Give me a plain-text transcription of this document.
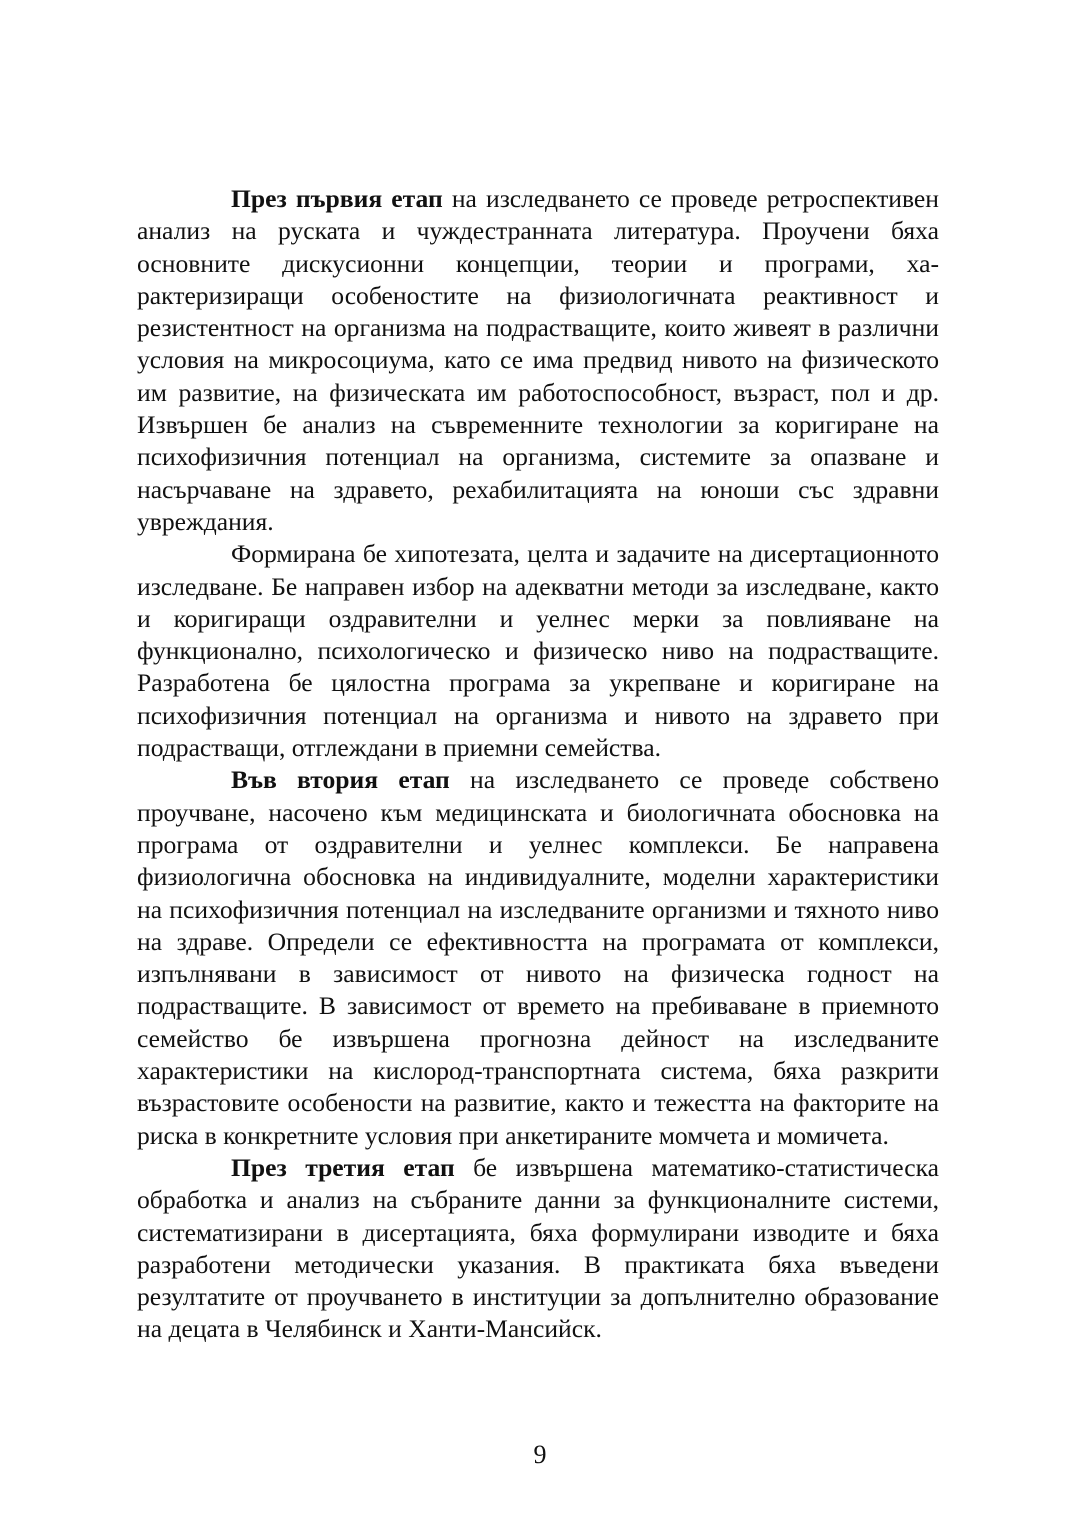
През първия етап на изследването се проведе ретроспективен анализ на руската и чуждестранната литература. Проучени бяха основните дискусионни концепции, теории и програми, характеризиращи особеностите на физиологичната реактивност и резистентност на организма на подрастващите, които живеят в различни условия на микросоциума, като се има предвид нивото на физическото им развитие, на физическата им работоспособност, възраст, пол и др. Извършен бе анализ на съвременните технологии за коригиране на психофизичния потенциал на организма, системите за опазване и насърчаване на здравето, рехабилитацията на юноши със здравни увреждания.

Формирана бе хипотезата, целта и задачите на дисертационното изследване. Бе направен избор на адекватни методи за изследване, както и коригиращи оздравителни и уелнес мерки за повлияване на функционално, психологическо и физическо ниво на подрастващите. Разработена бе цялостна програма за укрепване и коригиране на психофизичния потенциал на организма и нивото на здравето при подрастващи, отглеждани в приемни семейства.

Във втория етап на изследването се проведе собствено проучване, насочено към медицинската и биологичната обосновка на програма от оздравителни и уелнес комплекси. Бе направена физиологична обосновка на индивидуалните, моделни характеристики на психофизичния потенциал на изследваните организми и тяхното ниво на здраве. Определи се ефективността на програмата от комплекси, изпълнявани в зависимост от нивото на физическа годност на подрастващите. В зависимост от времето на пребиваване в приемното семейство бе извършена прогнозна дейност на изследваните характеристики на кислород-транспортната система, бяха разкрити възрастовите особености на развитие, както и тежестта на факторите на риска в конкретните условия при анкетираните момчета и момичета.

През третия етап бе извършена математико-статистическа обработка и анализ на събраните данни за функционалните системи, систематизирани в дисертацията, бяха формулирани изводите и бяха разработени методически указания. В практиката бяха въведени резултатите от проучването в институции за допълнително образование на децата в Челябинск и Ханти-Мансийск.

9
